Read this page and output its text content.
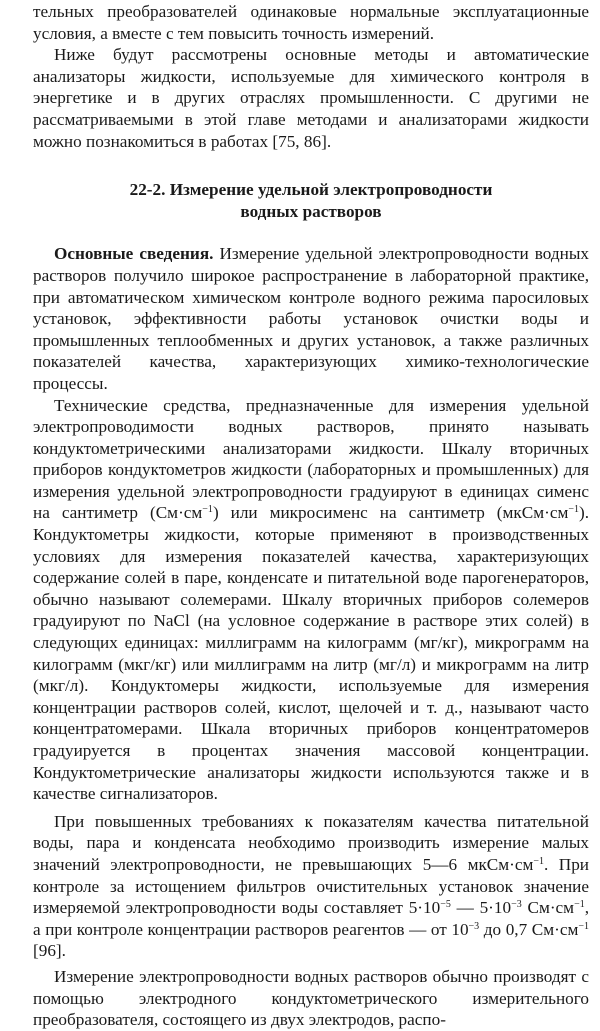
тельных преобразователей одинаковые нормальные эксплуатационные условия, а вместе с тем повысить точность измерений.

Ниже будут рассмотрены основные методы и автоматические анализаторы жидкости, используемые для химического контроля в энергетике и в других отраслях промышленности. С другими не рассматриваемыми в этой главе методами и анализаторами жидкости можно познакомиться в работах [75, 86].

22-2. Измерение удельной электропроводности
водных растворов

Основные сведения. Измерение удельной электропроводности водных растворов получило широкое распространение в лабораторной практике, при автоматическом химическом контроле водного режима паросиловых установок, эффективности работы установок очистки воды и промышленных теплообменных и других установок, а также различных показателей качества, характеризующих химико-технологические процессы.

Технические средства, предназначенные для измерения удельной электропроводимости водных растворов, принято называть кондуктометрическими анализаторами жидкости. Шкалу вторичных приборов кондуктометров жидкости (лабораторных и промышленных) для измерения удельной электропроводности градуируют в единицах сименс на сантиметр $(См\cdot см^{-1})$ или микросименс на сантиметр $(мкСм\cdot см^{-1})$. Кондуктометры жидкости, которые применяют в производственных условиях для измерения показателей качества, характеризующих содержание солей в паре, конденсате и питательной воде парогенераторов, обычно называют солемерами. Шкалу вторичных приборов солемеров градуируют по NaCl (на условное содержание в растворе этих солей) в следующих единицах: миллиграмм на килограмм (мг/кг), микрограмм на килограмм (мкг/кг) или миллиграмм на литр (мг/л) и микрограмм на литр (мкг/л). Кондуктомеры жидкости, используемые для измерения концентрации растворов солей, кислот, щелочей и т. д., называют часто концентратомерами. Шкала вторичных приборов концентратомеров градуируется в процентах значения массовой концентрации. Кондуктометрические анализаторы жидкости используются также и в качестве сигнализаторов.

При повышенных требованиях к показателям качества питательной воды, пара и конденсата необходимо производить измерение малых значений электропроводности, не превышающих 5—6 $мкСм\cdot см^{-1}$. При контроле за истощением фильтров очистительных установок значение измеряемой электропроводности воды составляет $5\cdot 10^{-5}$ — $5\cdot 10^{-3}$ $См\cdot см^{-1}$, а при контроле концентрации растворов реагентов — от $10^{-3}$ до 0,7 $См\cdot см^{-1}$ [96].

Измерение электропроводности водных растворов обычно производят с помощью электродного кондуктометрического измерительного преобразователя, состоящего из двух электродов, распо-
